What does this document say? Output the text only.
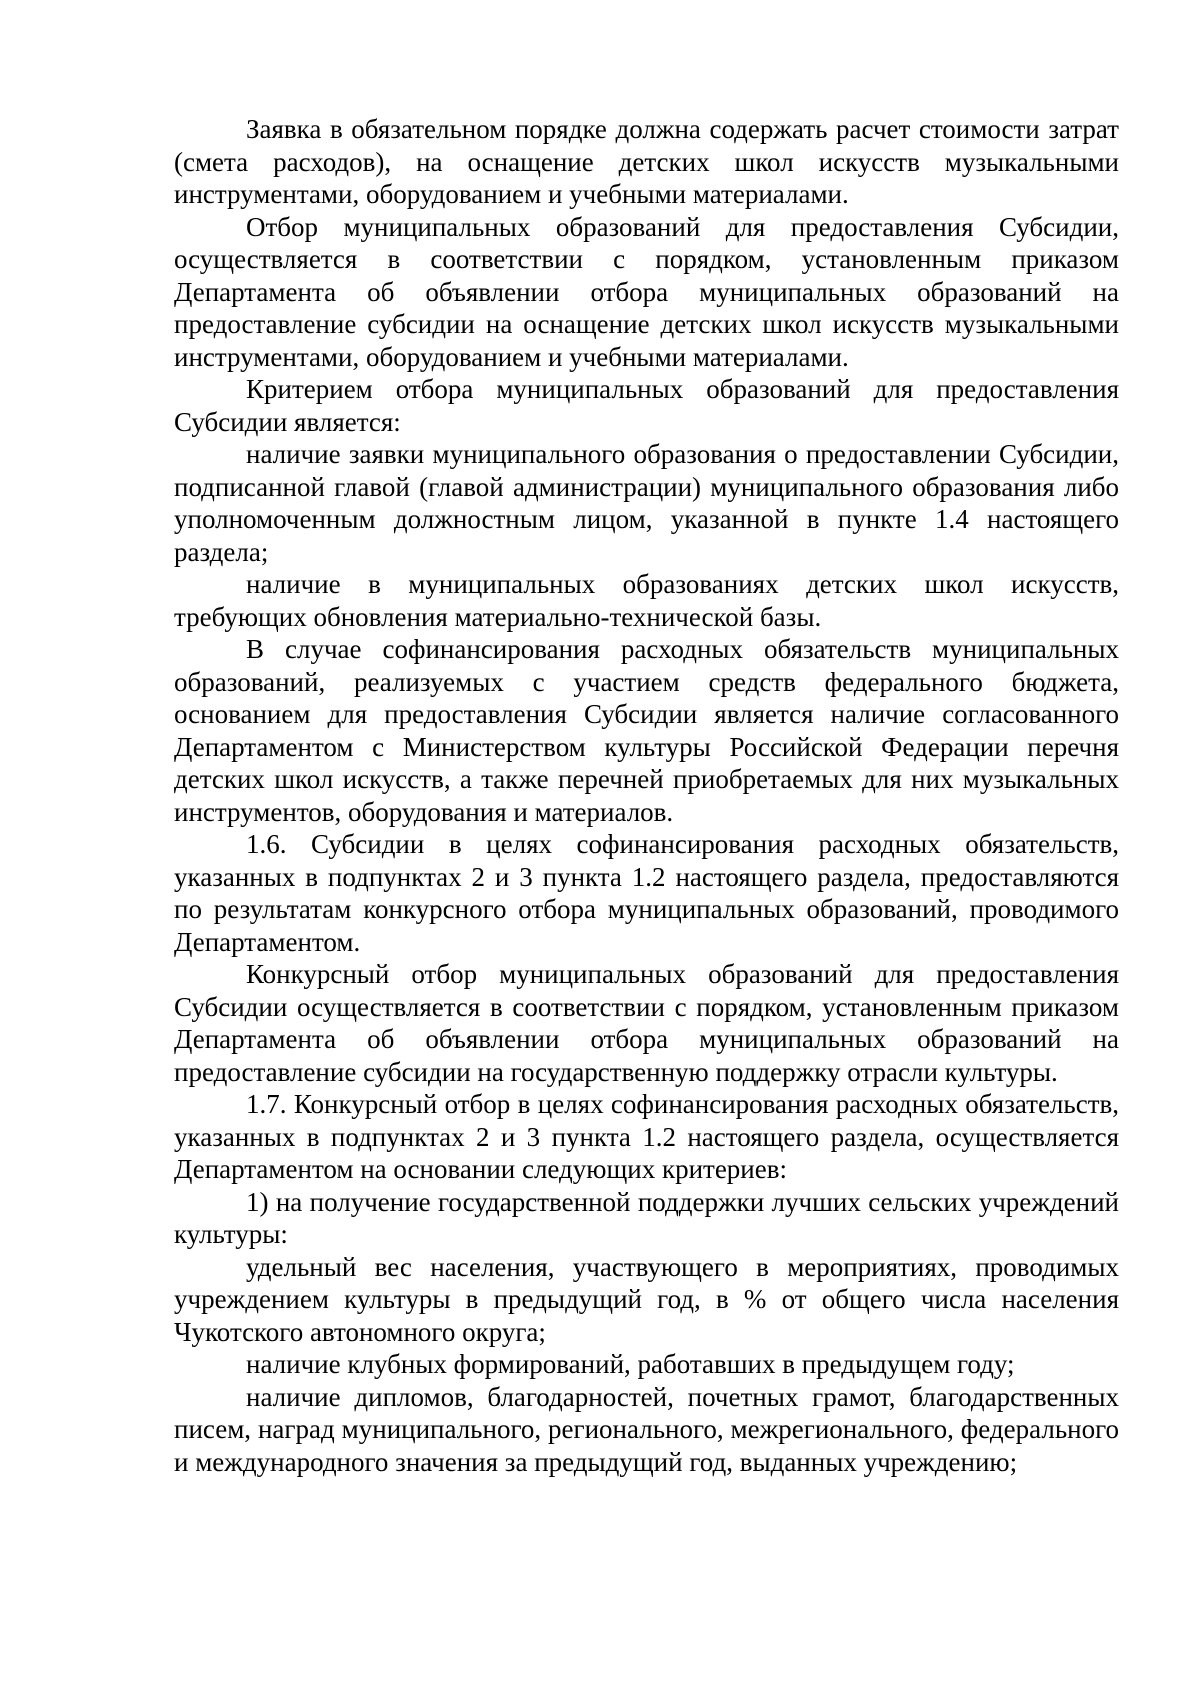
Заявка в обязательном порядке должна содержать расчет стоимости затрат (смета расходов), на оснащение детских школ искусств музыкальными инструментами, оборудованием и учебными материалами.

Отбор муниципальных образований для предоставления Субсидии, осуществляется в соответствии с порядком, установленным приказом Департамента об объявлении отбора муниципальных образований на предоставление субсидии на оснащение детских школ искусств музыкальными инструментами, оборудованием и учебными материалами.

Критерием отбора муниципальных образований для предоставления Субсидии является:

наличие заявки муниципального образования о предоставлении Субсидии, подписанной главой (главой администрации) муниципального образования либо уполномоченным должностным лицом, указанной в пункте 1.4 настоящего раздела;

наличие в муниципальных образованиях детских школ искусств, требующих обновления материально-технической базы.

В случае софинансирования расходных обязательств муниципальных образований, реализуемых с участием средств федерального бюджета, основанием для предоставления Субсидии является наличие согласованного Департаментом с Министерством культуры Российской Федерации перечня детских школ искусств, а также перечней приобретаемых для них музыкальных инструментов, оборудования и материалов.

1.6. Субсидии в целях софинансирования расходных обязательств, указанных в подпунктах 2 и 3 пункта 1.2 настоящего раздела, предоставляются по результатам конкурсного отбора муниципальных образований, проводимого Департаментом.

Конкурсный отбор муниципальных образований для предоставления Субсидии осуществляется в соответствии с порядком, установленным приказом Департамента об объявлении отбора муниципальных образований на предоставление субсидии на государственную поддержку отрасли культуры.

1.7. Конкурсный отбор в целях софинансирования расходных обязательств, указанных в подпунктах 2 и 3 пункта 1.2 настоящего раздела, осуществляется Департаментом на основании следующих критериев:

1) на получение государственной поддержки лучших сельских учреждений культуры:

удельный вес населения, участвующего в мероприятиях, проводимых учреждением культуры в предыдущий год, в % от общего числа населения Чукотского автономного округа;

наличие клубных формирований, работавших в предыдущем году;

наличие дипломов, благодарностей, почетных грамот, благодарственных писем, наград муниципального, регионального, межрегионального, федерального и международного значения за предыдущий год, выданных учреждению;
